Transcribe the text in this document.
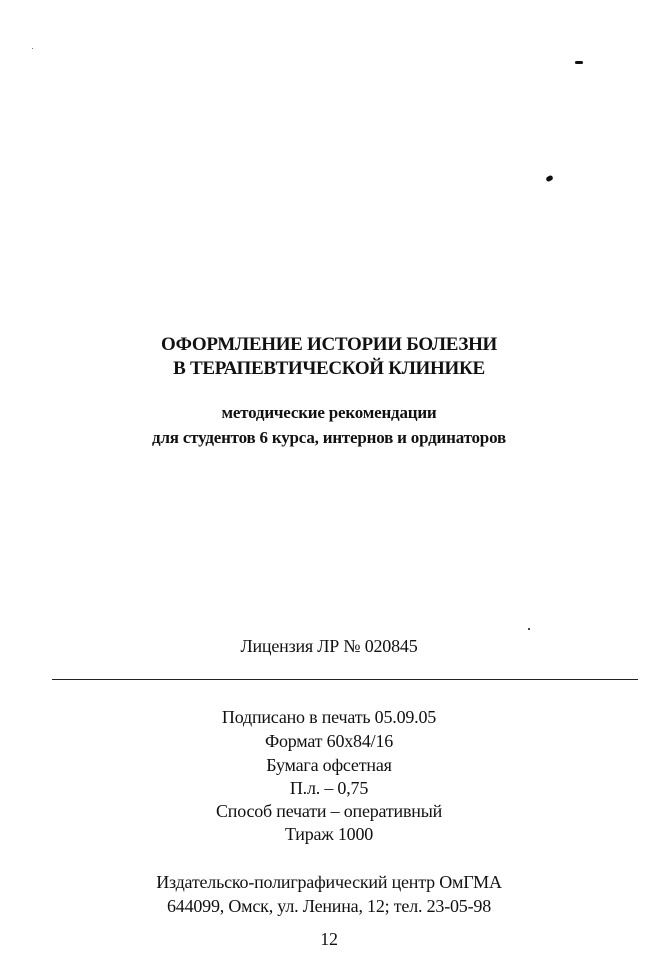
ОФОРМЛЕНИЕ ИСТОРИИ БОЛЕЗНИ
В ТЕРАПЕВТИЧЕСКОЙ КЛИНИКЕ
методические рекомендации
для студентов 6 курса, интернов и ординаторов
Лицензия ЛР № 020845
Подписано в печать 05.09.05
Формат 60х84/16
Бумага офсетная
П.л. – 0,75
Способ печати – оперативный
Тираж 1000
Издательско-полиграфический центр ОмГМА
644099, Омск, ул. Ленина, 12; тел. 23-05-98
12
